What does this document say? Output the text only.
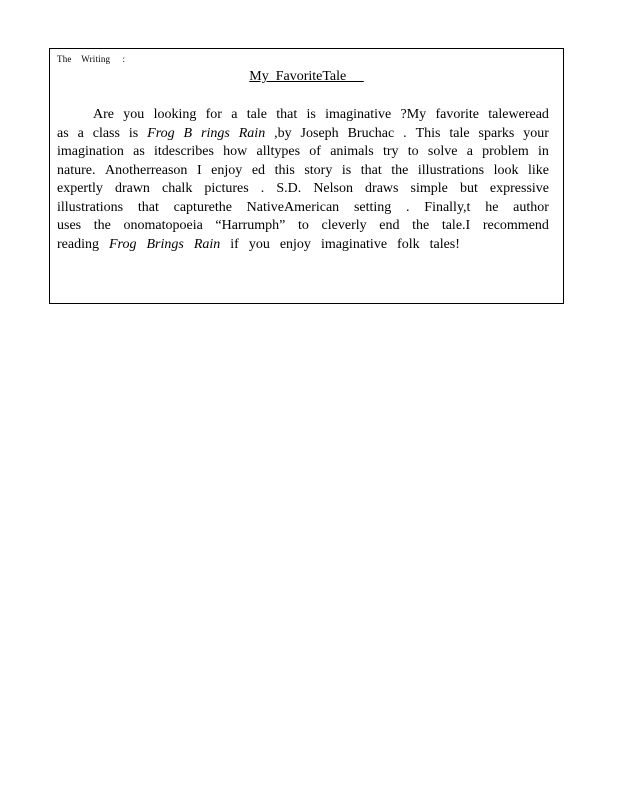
The    Writing     :
My  FavoriteTale
Are you looking for a tale that is imaginative ?My favorite taleweread
as a class is Frog B rings Rain ,by Joseph Bruchac . This tale sparks your
imagination as itdescribes how alltypes of animals try to solve a problem in
nature. Anotherreason I enjoy ed this story is that the illustrations look like
expertly drawn chalk pictures . S.D. Nelson draws simple but expressive
illustrations that capturethe NativeAmerican setting . Finally,t he author
uses the onomatopoeia “Harrumph” to cleverly end the tale.I recommend
reading Frog Brings Rain if you enjoy imaginative folk tales!
